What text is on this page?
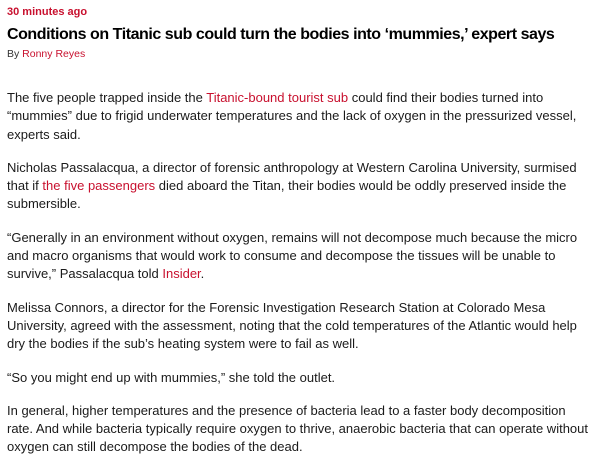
30 minutes ago
Conditions on Titanic sub could turn the bodies into ‘mummies,’ expert says
By Ronny Reyes

The five people trapped inside the Titanic-bound tourist sub could find their bodies turned into “mummies” due to frigid underwater temperatures and the lack of oxygen in the pressurized vessel, experts said.

Nicholas Passalacqua, a director of forensic anthropology at Western Carolina University, surmised that if the five passengers died aboard the Titan, their bodies would be oddly preserved inside the submersible.

“Generally in an environment without oxygen, remains will not decompose much because the micro and macro organisms that would work to consume and decompose the tissues will be unable to survive,” Passalacqua told Insider.

Melissa Connors, a director for the Forensic Investigation Research Station at Colorado Mesa University, agreed with the assessment, noting that the cold temperatures of the Atlantic would help dry the bodies if the sub’s heating system were to fail as well.

“So you might end up with mummies,” she told the outlet.

In general, higher temperatures and the presence of bacteria lead to a faster body decomposition rate. And while bacteria typically require oxygen to thrive, anaerobic bacteria that can operate without oxygen can still decompose the bodies of the dead.
